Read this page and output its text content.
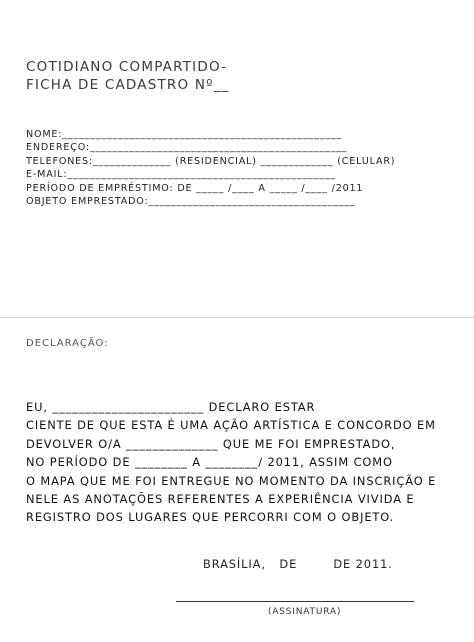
COTIDIANO COMPARTIDO-
FICHA DE CADASTRO Nº__
NOME:__________________________________________________
ENDEREÇO:______________________________________________
TELEFONES:______________ (RESIDENCIAL) _____________ (CELULAR)
E-MAIL:________________________________________________
PERÍODO DE EMPRÉSTIMO: DE _____ /____ A _____ /____ /2011
OBJETO EMPRESTADO:_____________________________________
DECLARAÇÃO:
EU, _______________________ DECLARO ESTAR
CIENTE DE QUE ESTA É UMA AÇÃO ARTÍSTICA E CONCORDO EM
DEVOLVER O/A ______________ QUE ME FOI EMPRESTADO,
NO PERÍODO DE ________ A ________/ 2011, ASSIM COMO
O MAPA QUE ME FOI ENTREGUE NO MOMENTO DA INSCRIÇÃO E
NELE AS ANOTAÇÕES REFERENTES A EXPERIÊNCIA VIVIDA E
REGISTRO DOS LUGARES QUE PERCORRI COM O OBJETO.
BRASÍLIA,   DE        DE 2011.
(ASSINATURA)
